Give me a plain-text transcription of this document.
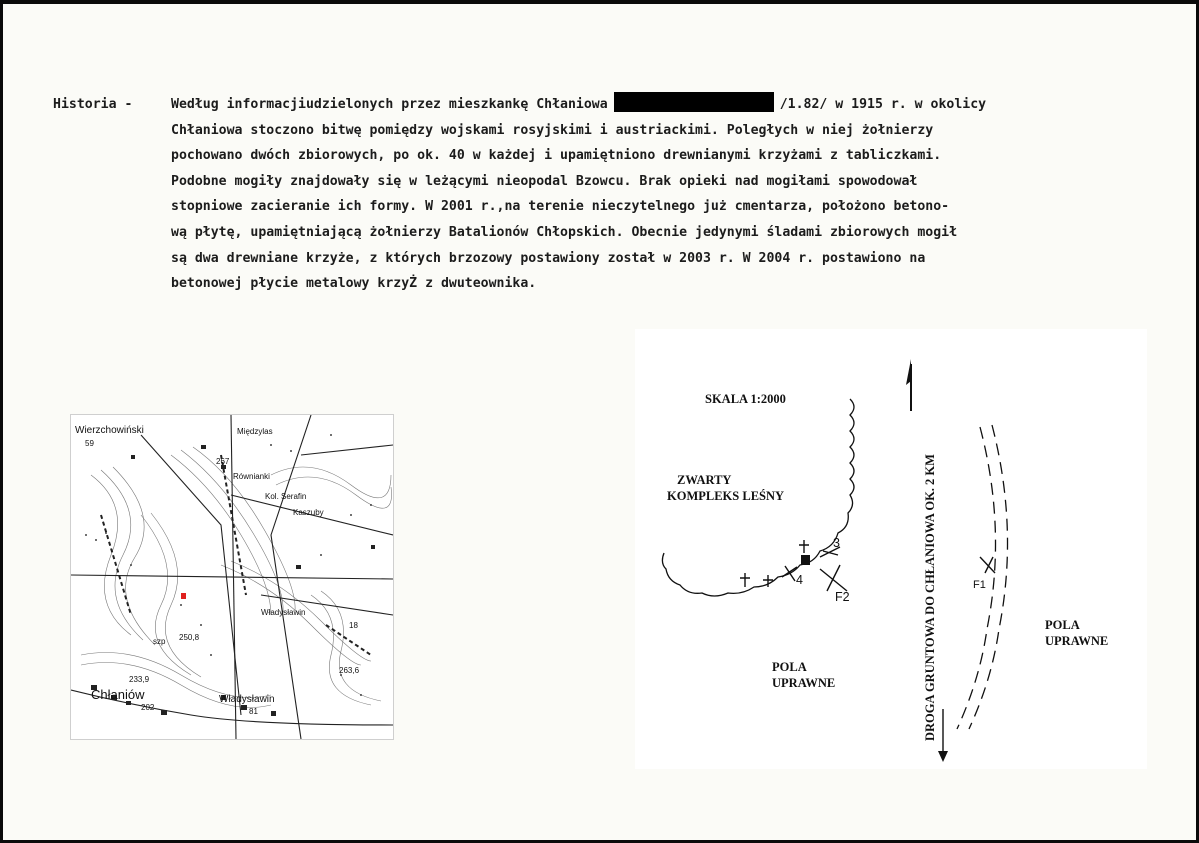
Historia -	Według informacjiudzielonych przez mieszkankę Chłaniowa	/1.82/ w 1915 r. w okolicy
Chłaniowa stoczono bitwę pomiędzy wojskami rosyjskimi i austriackimi. Poległych w niej żołnierzy
pochowano dwóch zbiorowych, po ok. 40 w każdej i upamiętniono drewnianymi krzyżami z tabliczkami.
Podobne mogiły znajdowały się w leżącymi nieopodal Bzowcu. Brak opieki nad mogiłami spowodował
stopniowe zacieranie ich formy. W 2001 r.,na terenie nieczytelnego już cmentarza, położono betono-
wą płytę, upamiętniającą żołnierzy Batalionów Chłopskich. Obecnie jedynymi śladami zbiorowych mogił
są dwa drewniane krzyże, z których brzozowy postawiony został w 2003 r. W 2004 r. postawiono na
betonowej płycie metalowy krzyŻ z dwuteownika.
Wierzchowiński
59
Międzylas
267
Równianki
Kol. Serafin
Kaszuby
Władysławin
250,8
szp
18
263,6
233,9
Chłaniów
202
Władysławin
81
SKALA 1:2000
ZWARTY
KOMPLEKS LEŚNY
POLA
UPRAWNE
POLA
UPRAWNE
3
4
F2
F1
DROGA GRUNTOWA DO CHŁANIOWA OK. 2 KM
